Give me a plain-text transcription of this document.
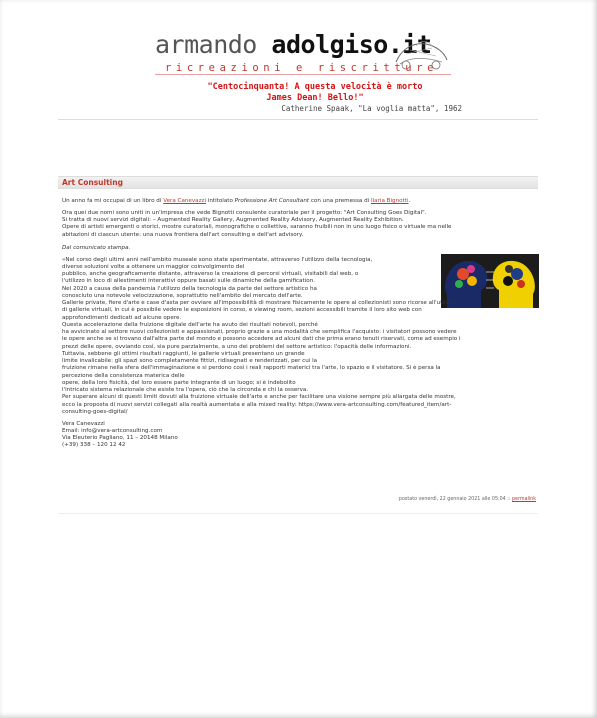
armando adolgiso.it
ricreazioni e riscritture
"Centocinquanta! A questa velocità è morto
James Dean! Bello!"
Catherine Spaak, "La voglia matta", 1962
Art Consulting

Un anno fa mi occupai di un libro di Vera Canevazzi intitolato Professione Art Consultant con una premessa di Ilaria Bignotti.

Ora quei due nomi sono uniti in un'impresa che vede Bignotti consulente curatoriale per il progetto: "Art Consulting Goes Digital".
Si tratta di nuovi servizi digitali: – Augmented Reality Gallery, Augmented Reality Advisory, Augmented Reality Exhibition.
Opere di artisti emergenti o storici, mostre curatoriali, monografiche o collettive, saranno fruibili non in uno luogo fisico o virtuale ma nelle
abitazioni di ciascun utente: una nuova frontiera dell'art consulting e dell'art advisory.

Dal comunicato stampa.

«Nel corso degli ultimi anni nell'ambito museale sono state sperimentate, attraverso l'utilizzo della tecnologia,
diverse soluzioni volte a ottenere un maggior coinvolgimento del
pubblico, anche geograficamente distante, attraverso la creazione di percorsi virtuali, visitabili dal web, o
l'utilizzo in loco di allestimenti interattivi oppure basati sulle dinamiche della gamification.
Nel 2020 a causa della pandemia l'utilizzo della tecnologia da parte del settore artistico ha
conosciuto una notevole velocizzazione, soprattutto nell'ambito del mercato dell'arte.
Gallerie private, fiere d'arte e case d'asta per ovviare all'impossibilità di mostrare fisicamente le opere ai collezionisti sono ricorse all'utilizzo
di gallerie virtuali, in cui è possibile vedere le esposizioni in corso, e viewing room, sezioni accessibili tramite il loro sito web con
approfondimenti dedicati ad alcune opere.
Questa accelerazione della fruizione digitale dell'arte ha avuto dei risultati notevoli, perché
ha avvicinato al settore nuovi collezionisti e appassionati, proprio grazie a una modalità che semplifica l'acquisto: i visitatori possono vedere
le opere anche se si trovano dall'altra parte del mondo e possono accedere ad alcuni dati che prima erano tenuti riservati, come ad esempio i
prezzi delle opere, ovviando così, sia pure parzialmente, a uno dei problemi del settore artistico: l'opacità delle informazioni.
Tuttavia, sebbene gli ottimi risultati raggiunti, le gallerie virtuali presentano un grande
limite invalicabile: gli spazi sono completamente fittizi, ridisegnati e renderizzati, per cui la
fruizione rimane nella sfera dell'immaginazione e si perdono così i reali rapporti materici tra l'arte, lo spazio e il visitatore. Si è persa la
percezione della consistenza materica delle
opere, della loro fisicità, del loro essere parte integrante di un luogo; si è indebolito
l'intricato sistema relazionale che esiste tra l'opera, ciò che la circonda e chi la osserva.
Per superare alcuni di questi limiti dovuti alla fruizione virtuale dell'arte e anche per facilitare una visione sempre più allargata delle mostre,
ecco la proposta di nuovi servizi collegati alla realtà aumentata e alla mixed reality: https://www.vera-artconsulting.com/featured_item/art-
consulting-goes-digital/

Vera Canevazzi
Email: info@vera-artconsulting.com
Via Eleuterio Pagliano, 11 – 20148 Milano
(+39) 338 – 120 12 42

postato venerdì, 22 gennaio 2021 alle 05:04 :: permalink
